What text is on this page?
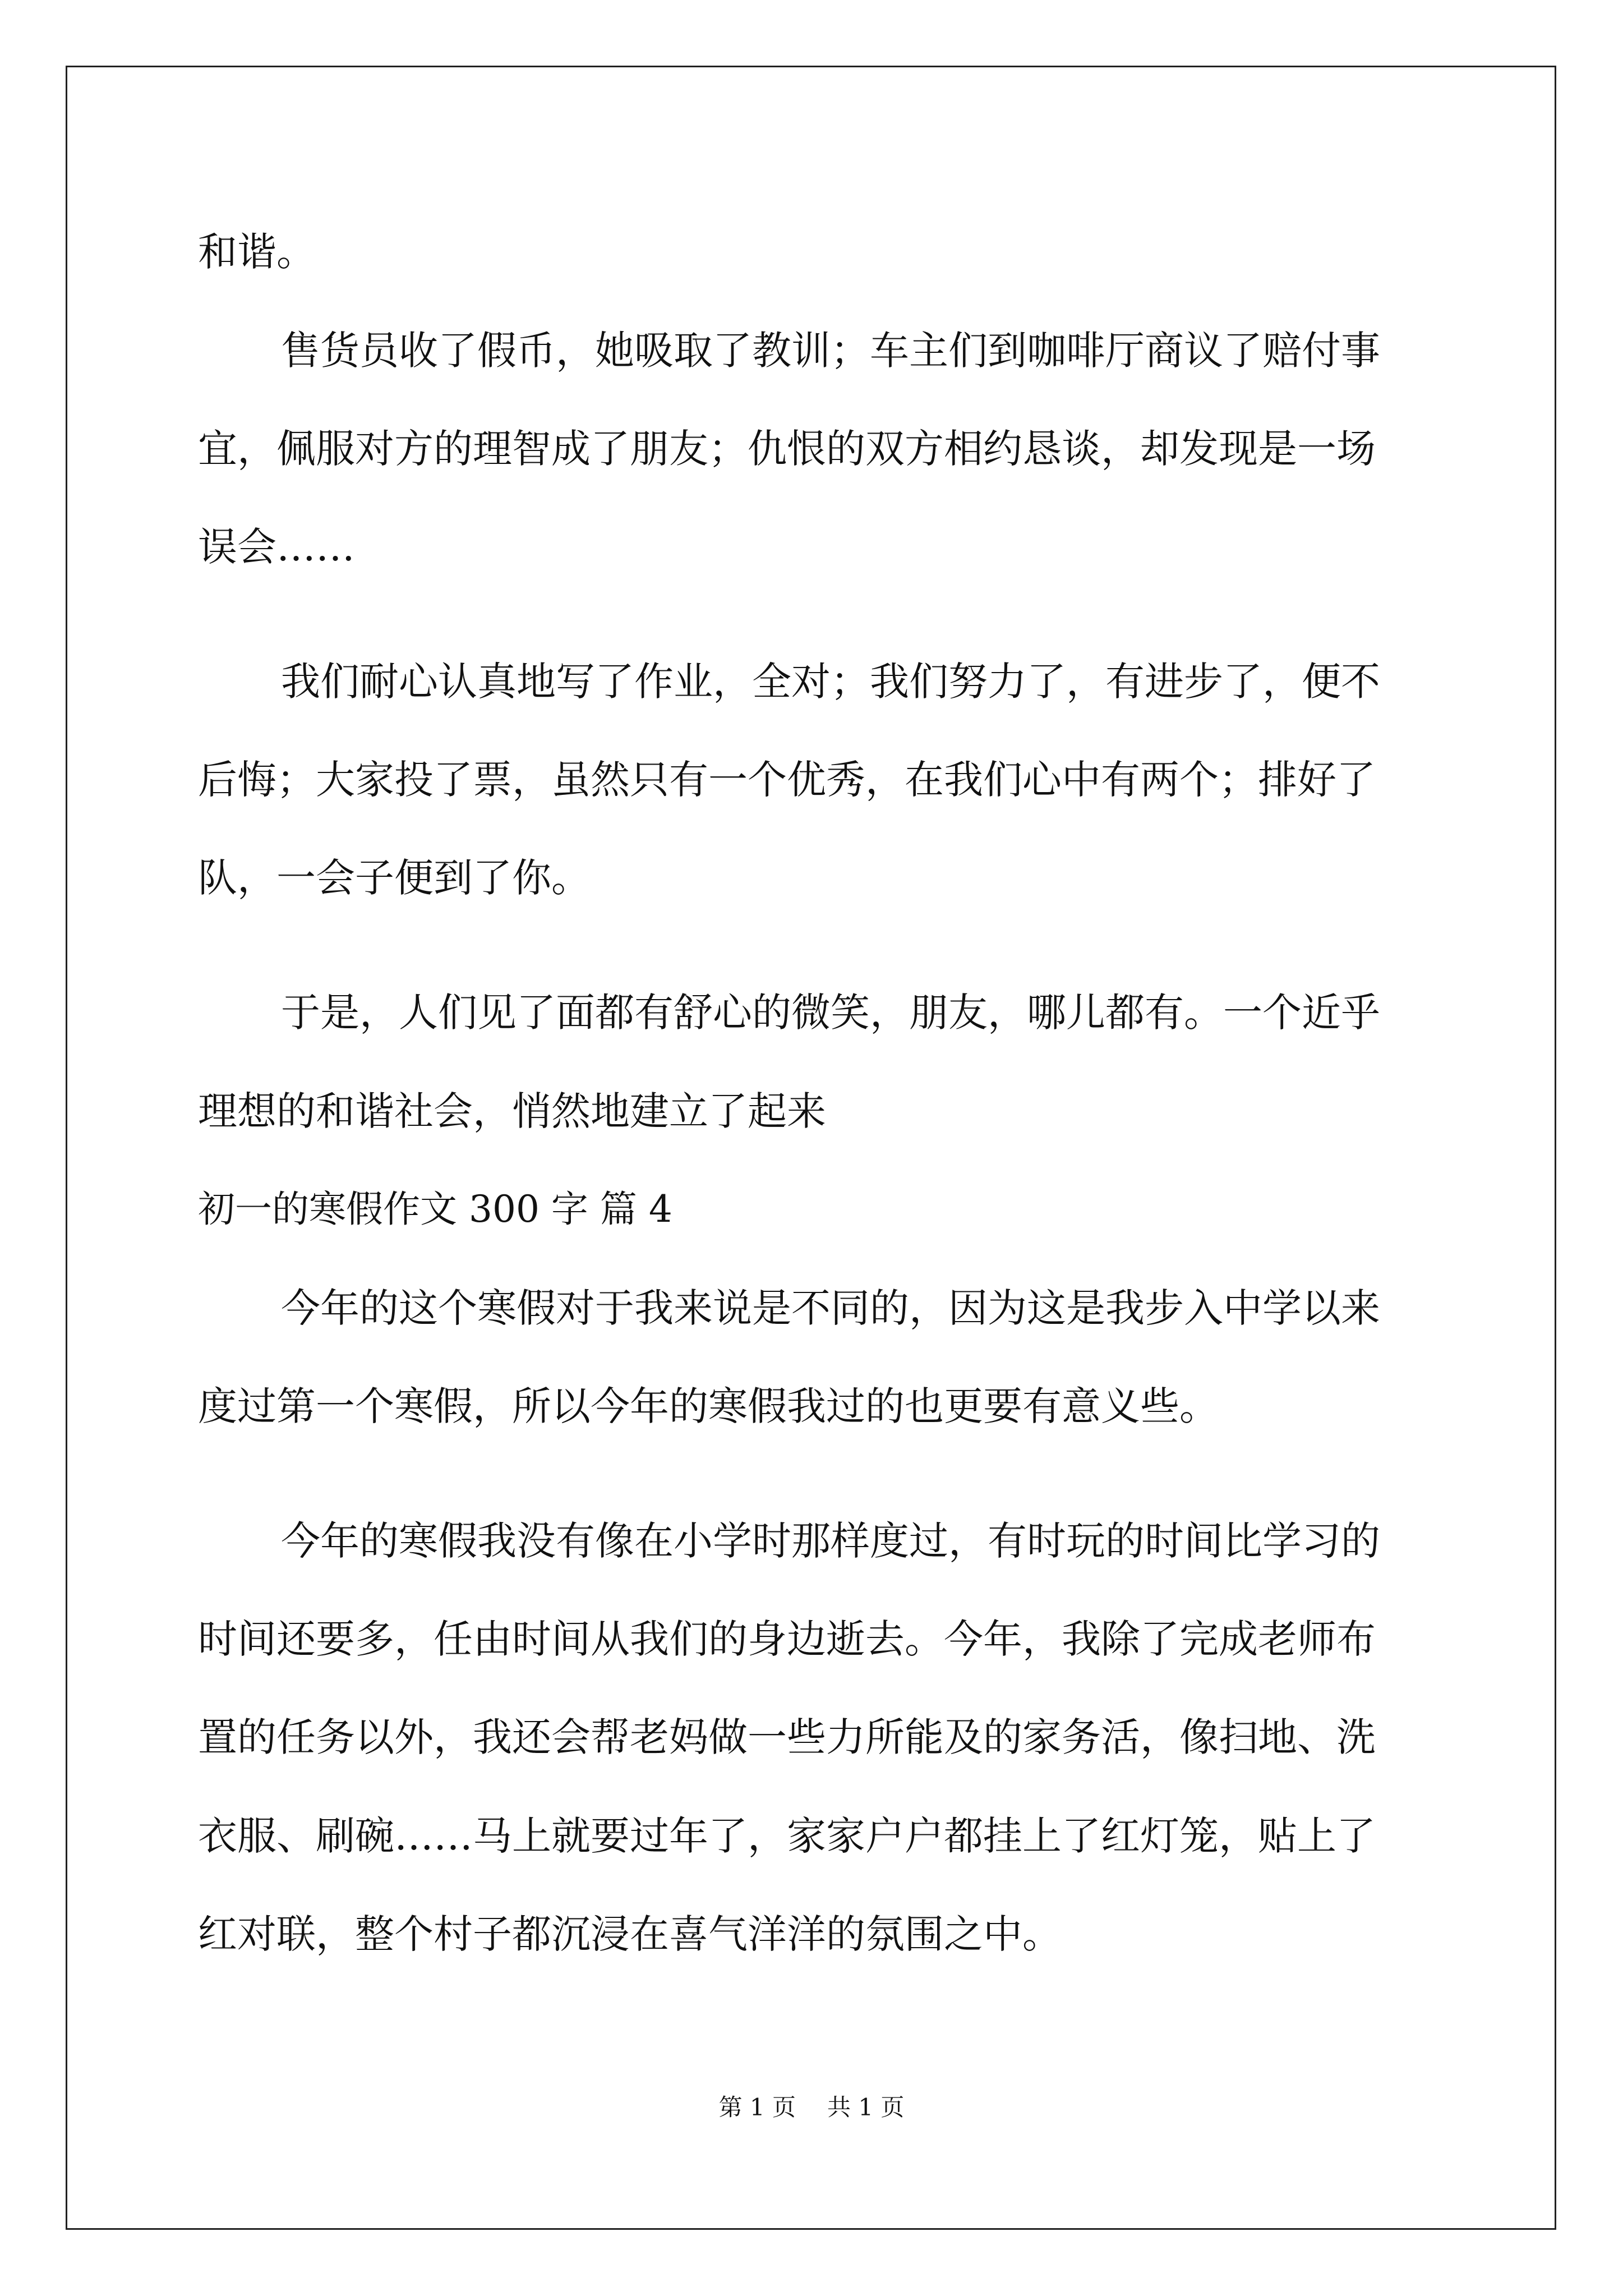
和谐。

售货员收了假币，她吸取了教训；车主们到咖啡厅商议了赔付事

宜，佩服对方的理智成了朋友；仇恨的双方相约恳谈，却发现是一场

误会……

我们耐心认真地写了作业，全对；我们努力了，有进步了，便不

后悔；大家投了票，虽然只有一个优秀，在我们心中有两个；排好了

队，一会子便到了你。

于是，人们见了面都有舒心的微笑，朋友，哪儿都有。一个近乎

理想的和谐社会，悄然地建立了起来

初一的寒假作文 300 字 篇 4

今年的这个寒假对于我来说是不同的，因为这是我步入中学以来

度过第一个寒假，所以今年的寒假我过的也更要有意义些。

今年的寒假我没有像在小学时那样度过，有时玩的时间比学习的

时间还要多，任由时间从我们的身边逝去。今年，我除了完成老师布

置的任务以外，我还会帮老妈做一些力所能及的家务活，像扫地、洗

衣服、刷碗……马上就要过年了，家家户户都挂上了红灯笼，贴上了

红对联，整个村子都沉浸在喜气洋洋的氛围之中。

第 1 页 共 1 页
